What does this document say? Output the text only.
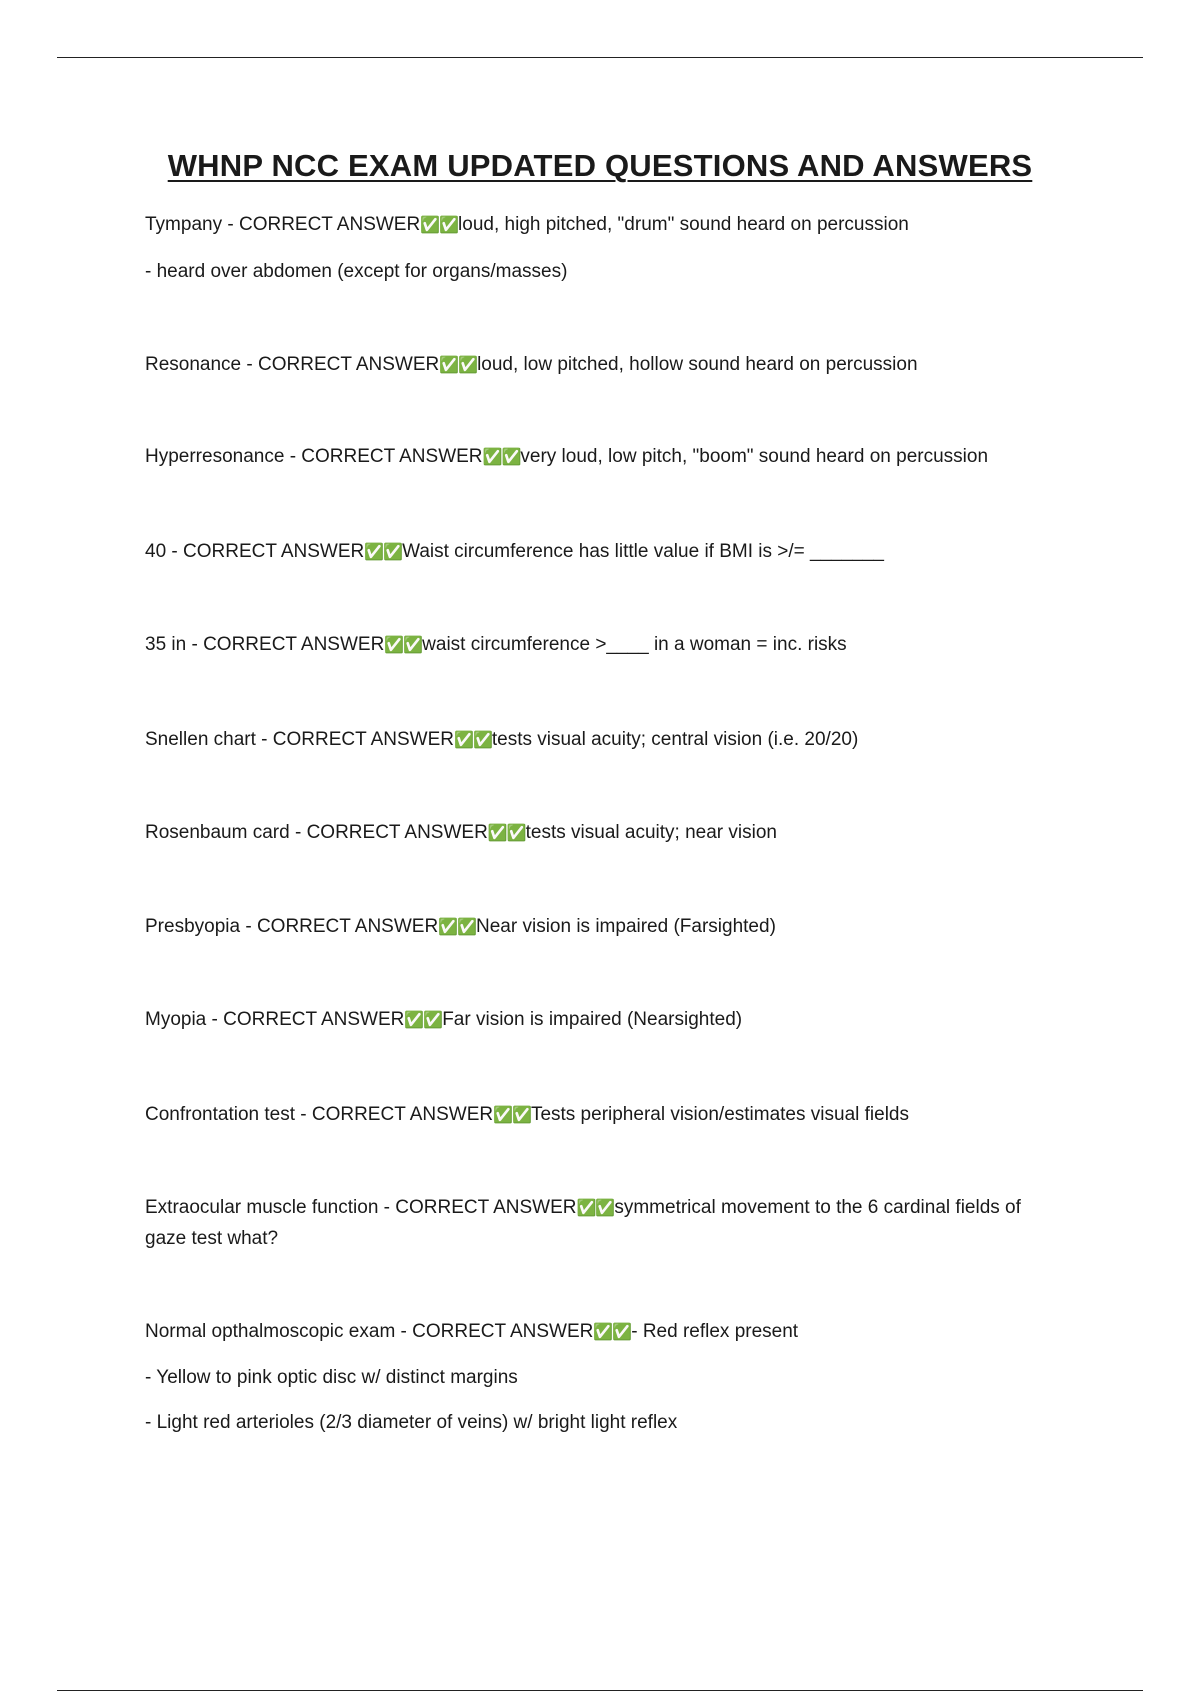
WHNP NCC EXAM UPDATED QUESTIONS AND ANSWERS
Tympany - CORRECT ANSWER✅✅loud, high pitched, "drum" sound heard on percussion
- heard over abdomen (except for organs/masses)
Resonance - CORRECT ANSWER✅✅loud, low pitched, hollow sound heard on percussion
Hyperresonance - CORRECT ANSWER✅✅very loud, low pitch, "boom" sound heard on percussion
40 - CORRECT ANSWER✅✅Waist circumference has little value if BMI is >/= _______
35 in - CORRECT ANSWER✅✅waist circumference >____ in a woman = inc. risks
Snellen chart - CORRECT ANSWER✅✅tests visual acuity; central vision (i.e. 20/20)
Rosenbaum card - CORRECT ANSWER✅✅tests visual acuity; near vision
Presbyopia - CORRECT ANSWER✅✅Near vision is impaired (Farsighted)
Myopia - CORRECT ANSWER✅✅Far vision is impaired (Nearsighted)
Confrontation test - CORRECT ANSWER✅✅Tests peripheral vision/estimates visual fields
Extraocular muscle function - CORRECT ANSWER✅✅symmetrical movement to the 6 cardinal fields of
gaze test what?
Normal opthalmoscopic exam - CORRECT ANSWER✅✅- Red reflex present
- Yellow to pink optic disc w/ distinct margins
- Light red arterioles (2/3 diameter of veins) w/ bright light reflex
